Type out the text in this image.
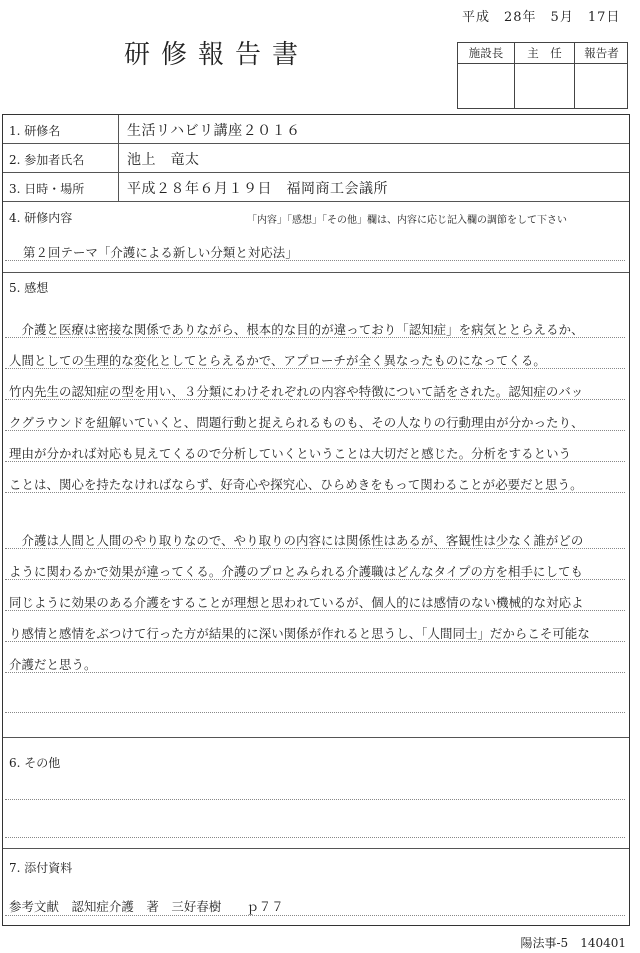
平成　28年　5月　17日
研修報告書	施設長	主　任	報告者
1. 研修名	生活リハビリ講座２０１６
2. 参加者氏名	池上　竜太
3. 日時・場所	平成２８年６月１９日　福岡商工会議所
4. 研修内容	「内容」「感想」「その他」欄は、内容に応じ記入欄の調節をして下さい
第２回テーマ「介護による新しい分類と対応法」
5. 感想
　介護と医療は密接な関係でありながら、根本的な目的が違っており「認知症」を病気ととらえるか、
人間としての生理的な変化としてとらえるかで、アプローチが全く異なったものになってくる。
竹内先生の認知症の型を用い、３分類にわけそれぞれの内容や特徴について話をされた。認知症のバッ
クグラウンドを紐解いていくと、問題行動と捉えられるものも、その人なりの行動理由が分かったり、
理由が分かれば対応も見えてくるので分析していくということは大切だと感じた。分析をするという
ことは、関心を持たなければならず、好奇心や探究心、ひらめきをもって関わることが必要だと思う。
　介護は人間と人間のやり取りなので、やり取りの内容には関係性はあるが、客観性は少なく誰がどの
ように関わるかで効果が違ってくる。介護のプロとみられる介護職はどんなタイプの方を相手にしても
同じように効果のある介護をすることが理想と思われているが、個人的には感情のない機械的な対応よ
り感情と感情をぶつけて行った方が結果的に深い関係が作れると思うし、「人間同士」だからこそ可能な
介護だと思う。
6. その他
7. 添付資料
参考文献　認知症介護　著　三好春樹　　ｐ７７
陽法事-5　140401
